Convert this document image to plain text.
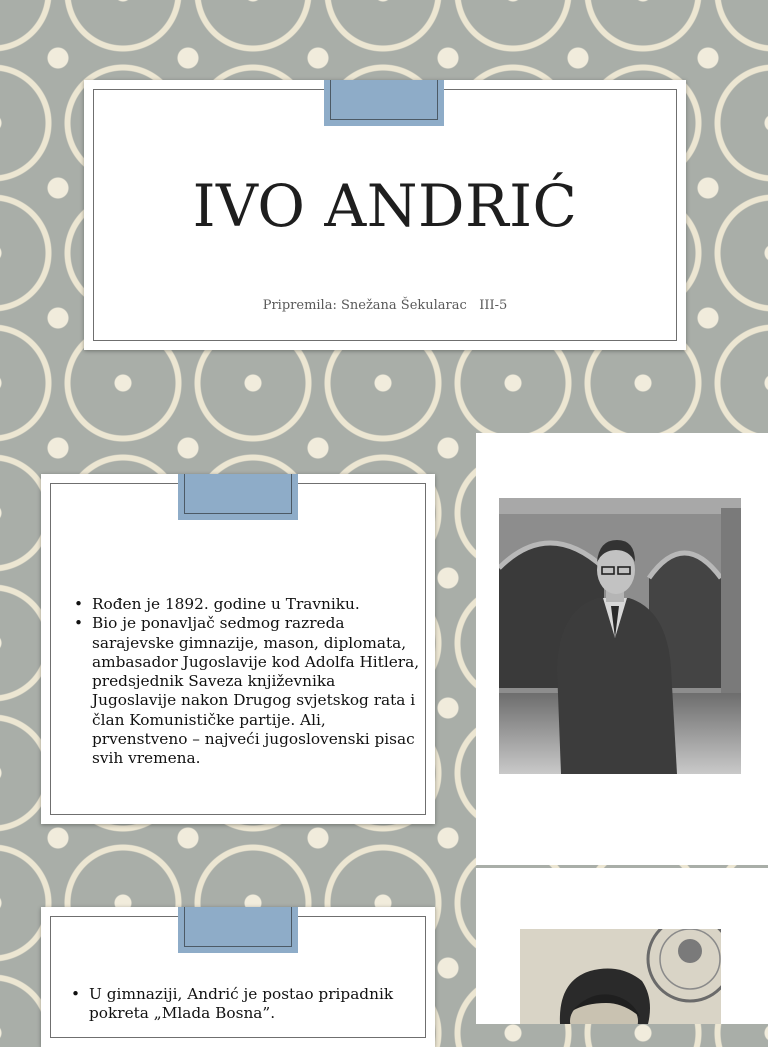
IVO ANDRIĆ
Pripremila: Snežana Šekularac   III-5
• Rođen je 1892. godine u Travniku.
• Bio je ponavljač sedmog razreda sarajevske gimnazije, mason, diplomata, ambasador Jugoslavije kod Adolfa Hitlera, predsjednik Saveza književnika Jugoslavije nakon Drugog svjetskog rata i član Komunističke partije. Ali, prvenstveno – najveći jugoslovenski pisac svih vremena.
• U gimnaziji, Andrić je postao pripadnik pokreta „Mlada Bosna”.
